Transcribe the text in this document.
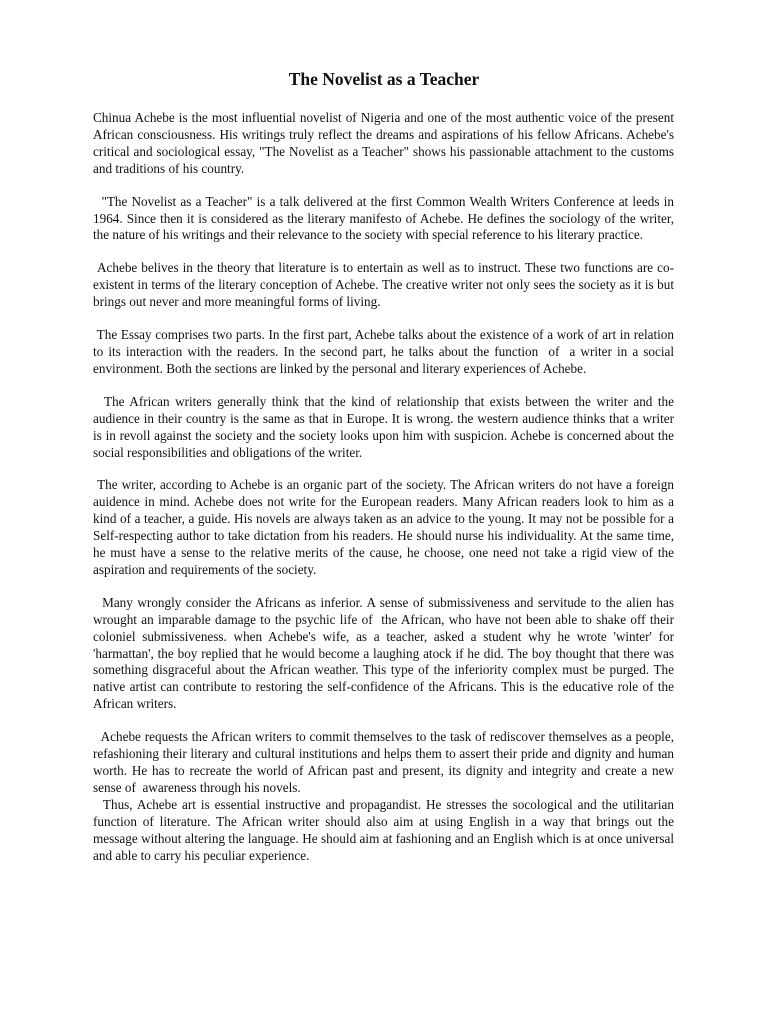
The Novelist as a Teacher

Chinua Achebe is the most influential novelist of Nigeria and one of the most authentic voice of the present African consciousness. His writings truly reflect the dreams and aspirations of his fellow Africans. Achebe's critical and sociological essay, "The Novelist as a Teacher" shows his passionable attachment to the customs and traditions of his country.

"The Novelist as a Teacher" is a talk delivered at the first Common Wealth Writers Conference at leeds in 1964. Since then it is considered as the literary manifesto of Achebe. He defines the sociology of the writer, the nature of his writings and their relevance to the society with special reference to his literary practice.

Achebe belives in the theory that literature is to entertain as well as to instruct. These two functions are co-existent in terms of the literary conception of Achebe. The creative writer not only sees the society as it is but brings out never and more meaningful forms of living.

The Essay comprises two parts. In the first part, Achebe talks about the existence of a work of art in relation to its interaction with the readers. In the second part, he talks about the function  of  a writer in a social environment. Both the sections are linked by the personal and literary experiences of Achebe.

The African writers generally think that the kind of relationship that exists between the writer and the audience in their country is the same as that in Europe. It is wrong. the western audience thinks that a writer is in revoll against the society and the society looks upon him with suspicion. Achebe is concerned about the social responsibilities and obligations of the writer.

The writer, according to Achebe is an organic part of the society. The African writers do not have a foreign auidence in mind. Achebe does not write for the European readers. Many African readers look to him as a kind of a teacher, a guide. His novels are always taken as an advice to the young. It may not be possible for a Self-respecting author to take dictation from his readers. He should nurse his individuality. At the same time, he must have a sense to the relative merits of the cause, he choose, one need not take a rigid view of the aspiration and requirements of the society.

Many wrongly consider the Africans as inferior. A sense of submissiveness and servitude to the alien has wrought an imparable damage to the psychic life of  the African, who have not been able to shake off their coloniel submissiveness. when Achebe's wife, as a teacher, asked a student why he wrote 'winter' for 'harmattan', the boy replied that he would become a laughing atock if he did. The boy thought that there was something disgraceful about the African weather. This type of the inferiority complex must be purged. The native artist can contribute to restoring the self-confidence of the Africans. This is the educative role of the African writers.

Achebe requests the African writers to commit themselves to the task of rediscover themselves as a people, refashioning their literary and cultural institutions and helps them to assert their pride and dignity and human worth. He has to recreate the world of African past and present, its dignity and integrity and create a new sense of  awareness through his novels.

Thus, Achebe art is essential instructive and propagandist. He stresses the socological and the utilitarian function of literature. The African writer should also aim at using English in a way that brings out the message without altering the language. He should aim at fashioning and an English which is at once universal and able to carry his peculiar experience.
